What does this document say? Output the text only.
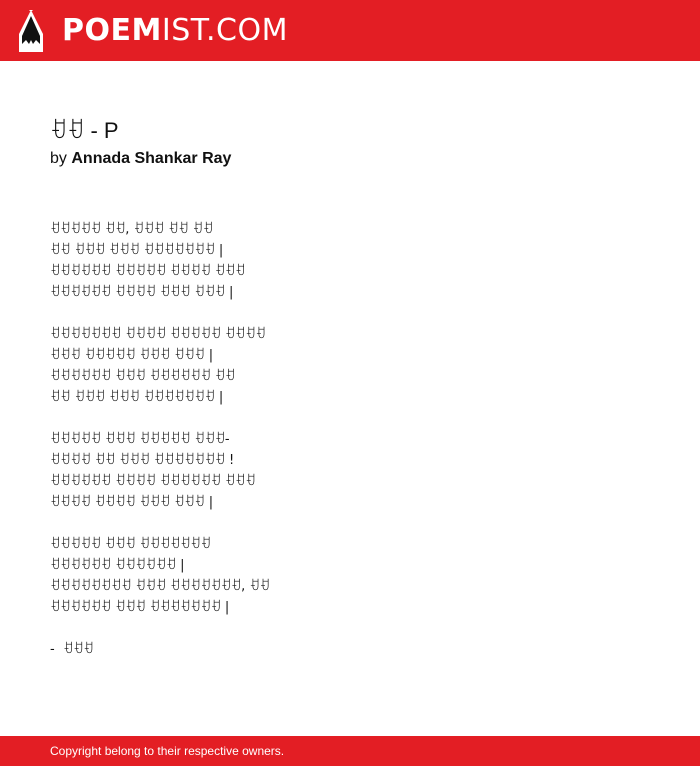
POEMIST.COM
ꀀꀀ - P
by Annada Shankar Ray
ꀀꀀꀀꀀꀀ ꀀꀀ, ꀀꀀꀀ ꀀꀀ ꀀꀀ
ꀀꀀ ꀀꀀꀀ ꀀꀀꀀ ꀀꀀꀀꀀꀀꀀꀀ |
ꀀꀀꀀꀀꀀꀀ ꀀꀀꀀꀀꀀ ꀀꀀꀀꀀ ꀀꀀꀀ
ꀀꀀꀀꀀꀀꀀ ꀀꀀꀀꀀ ꀀꀀꀀ ꀀꀀꀀ |
ꀀꀀꀀꀀꀀꀀꀀ ꀀꀀꀀꀀ ꀀꀀꀀꀀꀀ ꀀꀀꀀꀀ
ꀀꀀꀀ ꀀꀀꀀꀀꀀ ꀀꀀꀀ ꀀꀀꀀ |
ꀀꀀꀀꀀꀀꀀ ꀀꀀꀀ ꀀꀀꀀꀀꀀꀀ ꀀꀀ
ꀀꀀ ꀀꀀꀀ ꀀꀀꀀ ꀀꀀꀀꀀꀀꀀꀀ |
ꀀꀀꀀꀀꀀ ꀀꀀꀀ ꀀꀀꀀꀀꀀ ꀀꀀꀀ-
ꀀꀀꀀꀀ ꀀꀀ ꀀꀀꀀ ꀀꀀꀀꀀꀀꀀꀀ !
ꀀꀀꀀꀀꀀꀀ ꀀꀀꀀꀀ ꀀꀀꀀꀀꀀꀀ ꀀꀀꀀ
ꀀꀀꀀꀀ ꀀꀀꀀꀀ ꀀꀀꀀ ꀀꀀꀀ |
ꀀꀀꀀꀀꀀ ꀀꀀꀀ ꀀꀀꀀꀀꀀꀀꀀ
ꀀꀀꀀꀀꀀꀀ ꀀꀀꀀꀀꀀꀀ |
ꀀꀀꀀꀀꀀꀀꀀꀀ ꀀꀀꀀ ꀀꀀꀀꀀꀀꀀꀀ, ꀀꀀ
ꀀꀀꀀꀀꀀꀀ ꀀꀀꀀ ꀀꀀꀀꀀꀀꀀꀀ |
-  ꀀꀀꀀ
Copyright belong to their respective owners.
